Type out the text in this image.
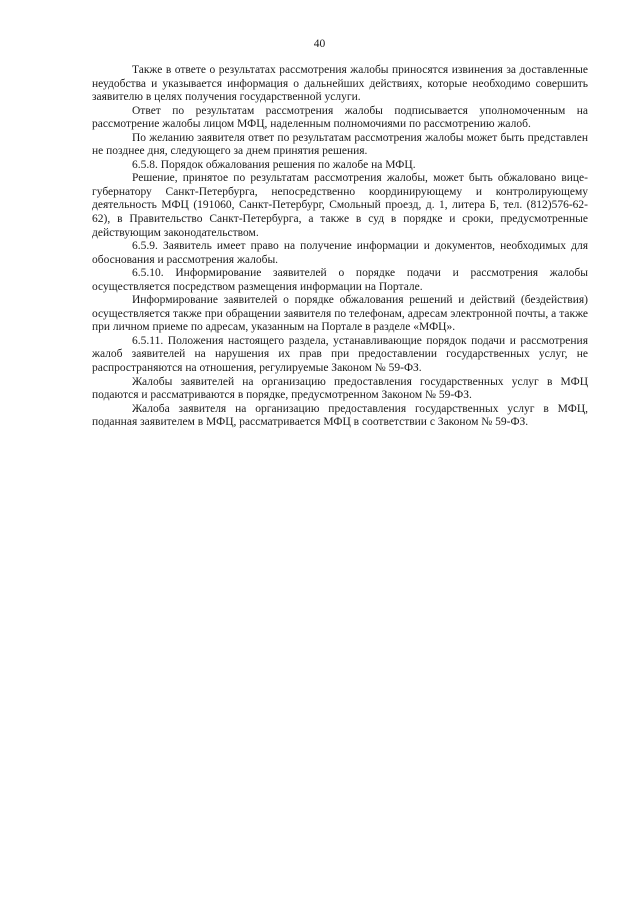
40

Также в ответе о результатах рассмотрения жалобы приносятся извинения за доставленные неудобства и указывается информация о дальнейших действиях, которые необходимо совершить заявителю в целях получения государственной услуги.

Ответ по результатам рассмотрения жалобы подписывается уполномоченным на рассмотрение жалобы лицом МФЦ, наделенным полномочиями по рассмотрению жалоб.

По желанию заявителя ответ по результатам рассмотрения жалобы может быть представлен не позднее дня, следующего за днем принятия решения.

6.5.8. Порядок обжалования решения по жалобе на МФЦ.

Решение, принятое по результатам рассмотрения жалобы, может быть обжаловано вице-губернатору Санкт-Петербурга, непосредственно координирующему и контролирующему деятельность МФЦ (191060, Санкт-Петербург, Смольный проезд, д. 1, литера Б, тел. (812)576-62-62), в Правительство Санкт-Петербурга, а также в суд в порядке и сроки, предусмотренные действующим законодательством.

6.5.9. Заявитель имеет право на получение информации и документов, необходимых для обоснования и рассмотрения жалобы.

6.5.10. Информирование заявителей о порядке подачи и рассмотрения жалобы осуществляется посредством размещения информации на Портале.

Информирование заявителей о порядке обжалования решений и действий (бездействия) осуществляется также при обращении заявителя по телефонам, адресам электронной почты, а также при личном приеме по адресам, указанным на Портале в разделе «МФЦ».

6.5.11. Положения настоящего раздела, устанавливающие порядок подачи и рассмотрения жалоб заявителей на нарушения их прав при предоставлении государственных услуг, не распространяются на отношения, регулируемые Законом № 59-ФЗ.

Жалобы заявителей на организацию предоставления государственных услуг в МФЦ подаются и рассматриваются в порядке, предусмотренном Законом № 59-ФЗ.

Жалоба заявителя на организацию предоставления государственных услуг в МФЦ, поданная заявителем в МФЦ, рассматривается МФЦ в соответствии с Законом № 59-ФЗ.
